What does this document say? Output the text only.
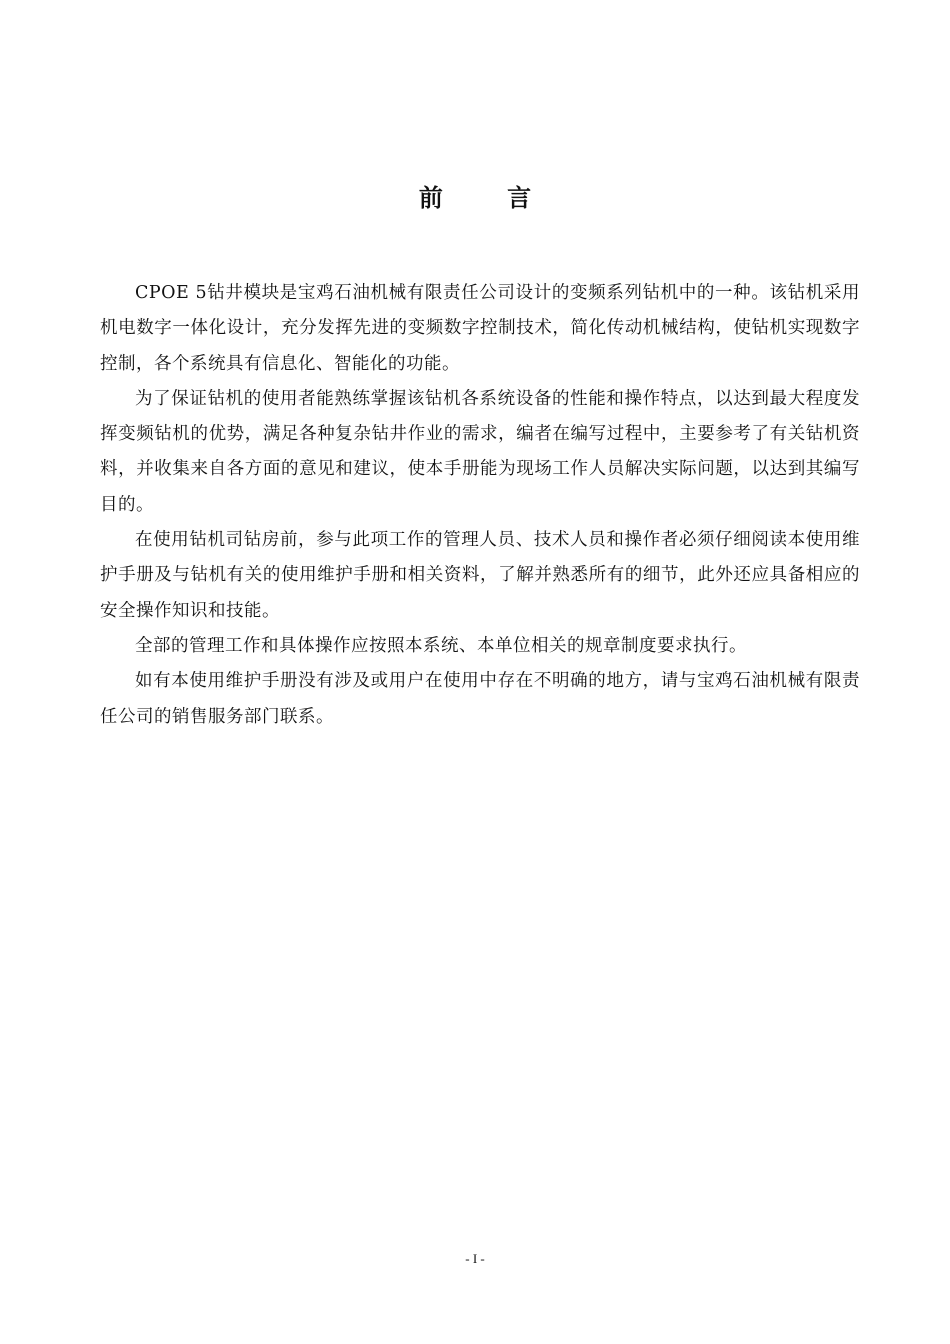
前 言

CPOE 5钻井模块是宝鸡石油机械有限责任公司设计的变频系列钻机中的一种。该钻机采用机电数字一体化设计，充分发挥先进的变频数字控制技术，简化传动机械结构，使钻机实现数字控制，各个系统具有信息化、智能化的功能。

为了保证钻机的使用者能熟练掌握该钻机各系统设备的性能和操作特点，以达到最大程度发挥变频钻机的优势，满足各种复杂钻井作业的需求，编者在编写过程中，主要参考了有关钻机资料，并收集来自各方面的意见和建议，使本手册能为现场工作人员解决实际问题，以达到其编写目的。

在使用钻机司钻房前，参与此项工作的管理人员、技术人员和操作者必须仔细阅读本使用维护手册及与钻机有关的使用维护手册和相关资料，了解并熟悉所有的细节，此外还应具备相应的安全操作知识和技能。

全部的管理工作和具体操作应按照本系统、本单位相关的规章制度要求执行。

如有本使用维护手册没有涉及或用户在使用中存在不明确的地方，请与宝鸡石油机械有限责任公司的销售服务部门联系。

- I -
